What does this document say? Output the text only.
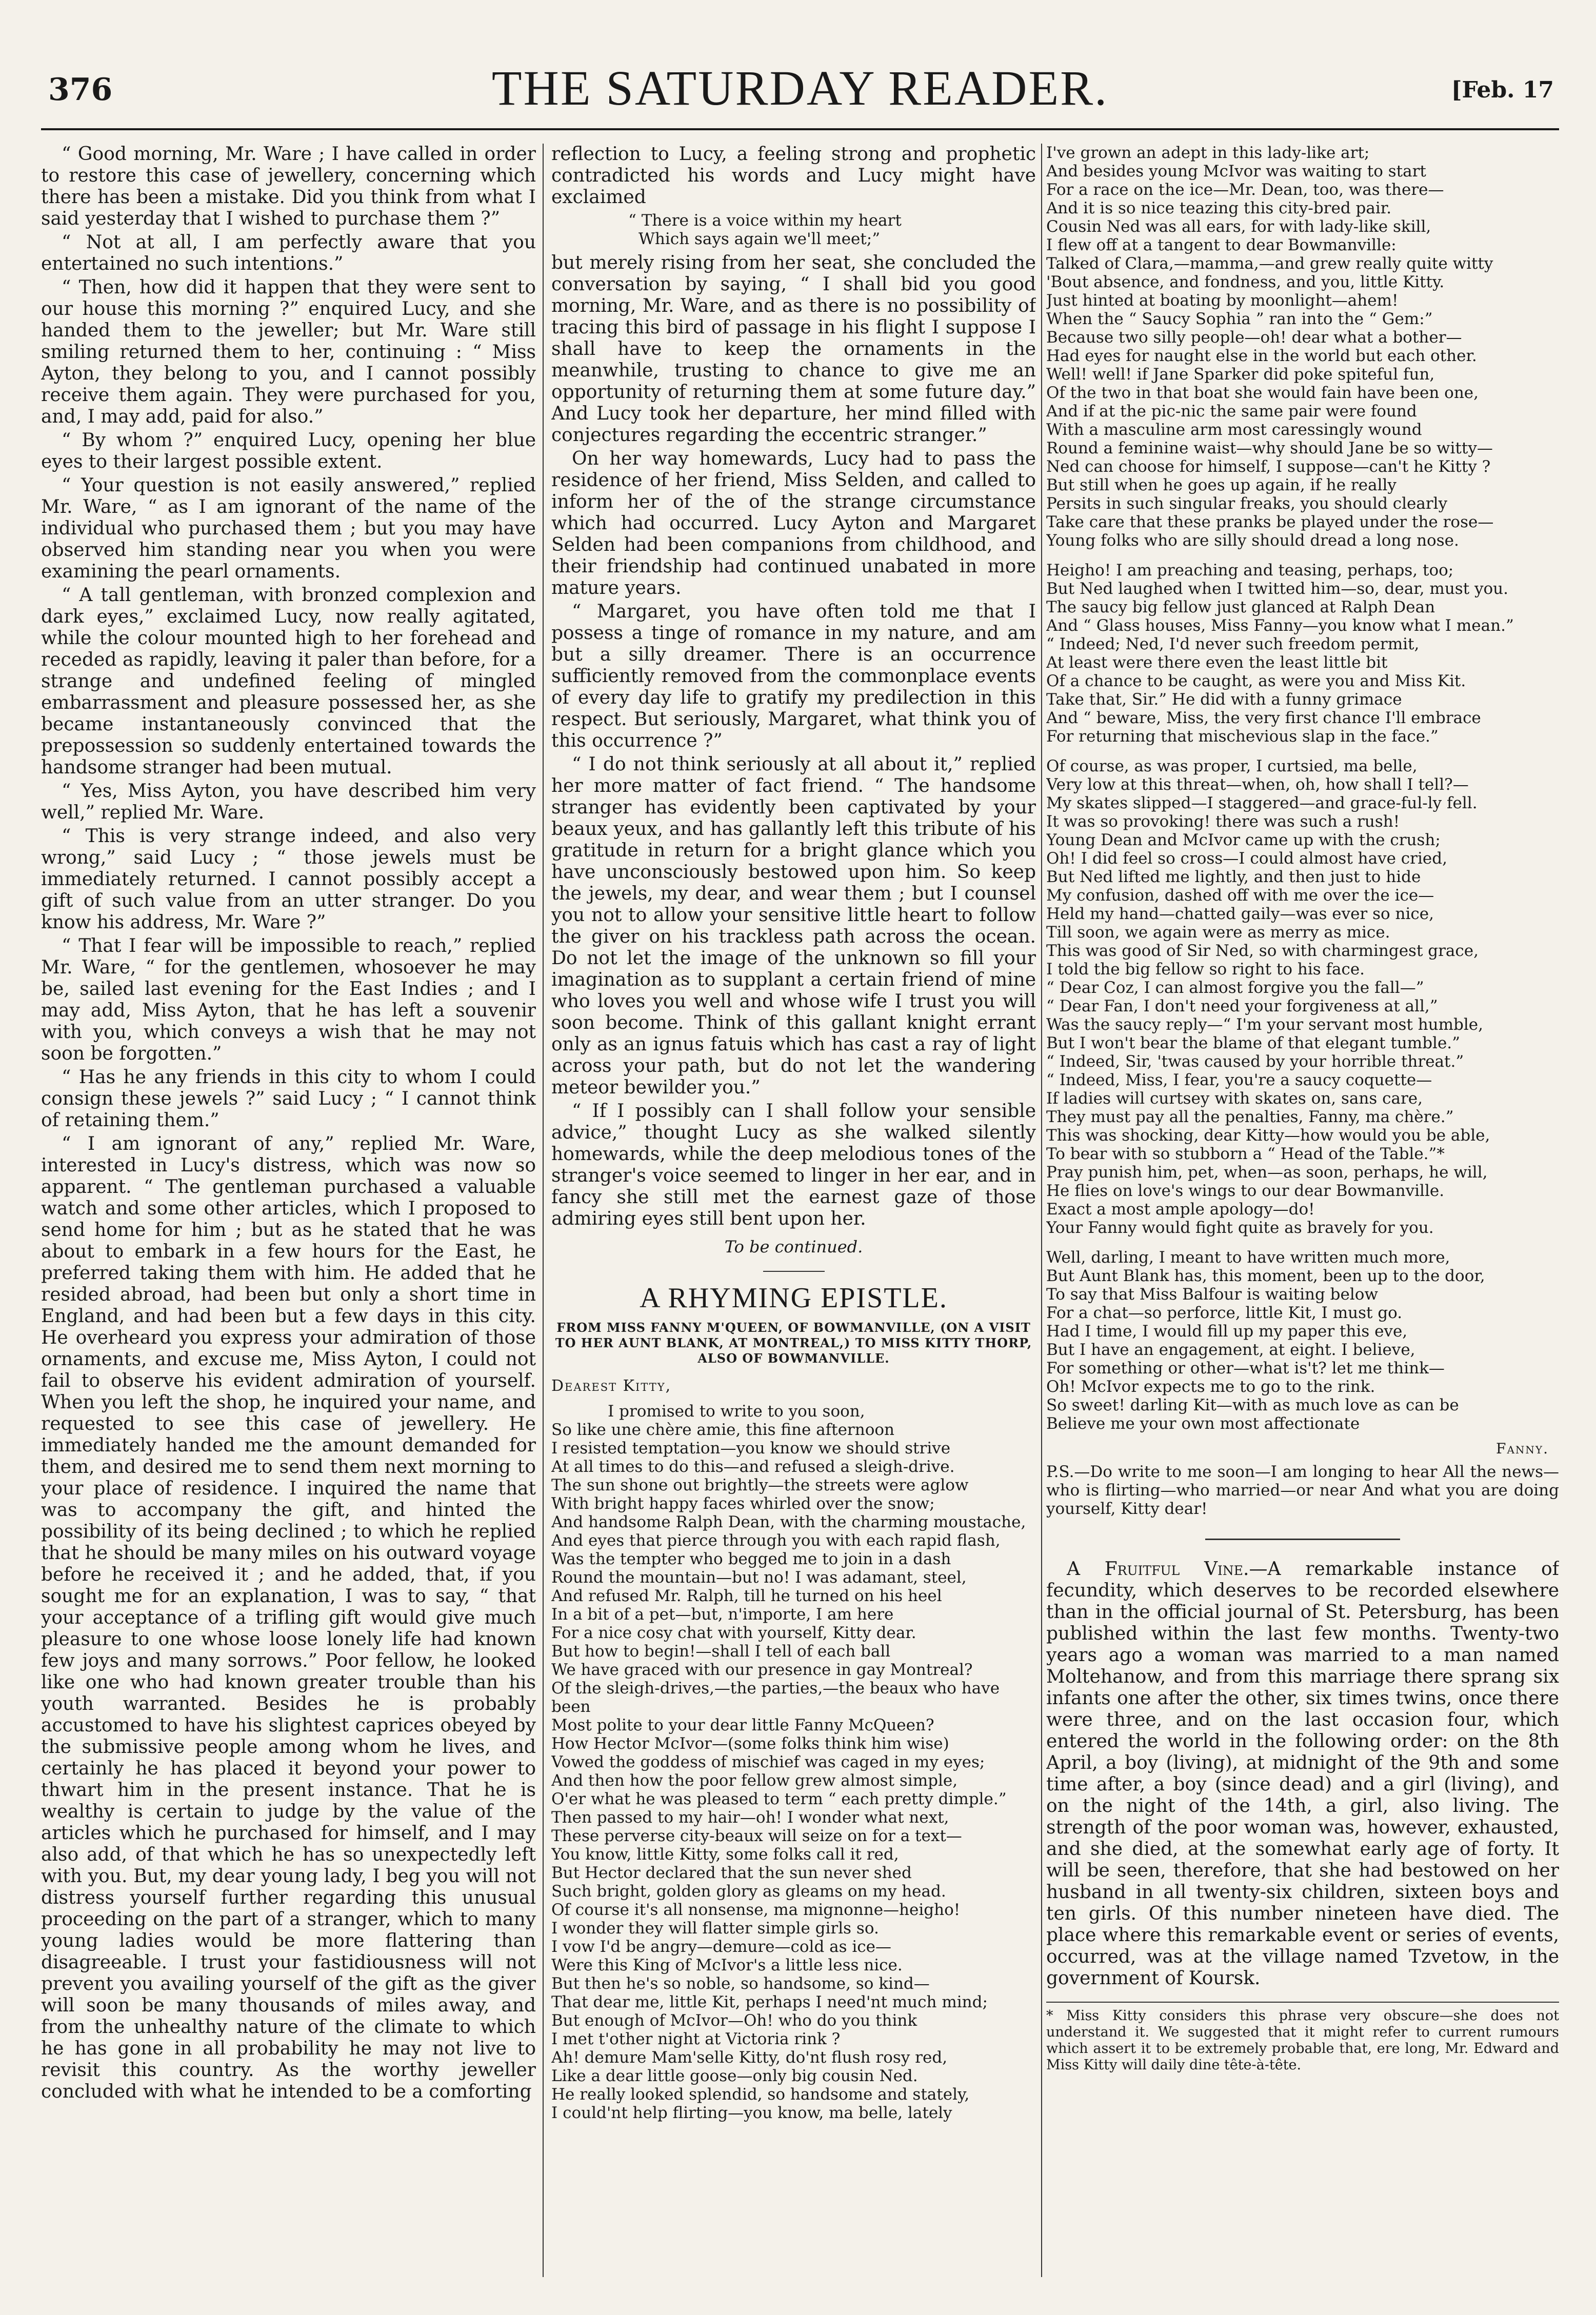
376	THE SATURDAY READER.	[Feb. 17

“ Good morning, Mr. Ware ; I have called in order to restore this case of jewellery, concerning which there has been a mistake. Did you think from what I said yesterday that I wished to purchase them ?”

“ Not at all, I am perfectly aware that you entertained no such intentions.”

“ Then, how did it happen that they were sent to our house this morning ?” enquired Lucy, and she handed them to the jeweller; but Mr. Ware still smiling returned them to her, continuing : “ Miss Ayton, they belong to you, and I cannot possibly receive them again. They were purchased for you, and, I may add, paid for also.”

“ By whom ?” enquired Lucy, opening her blue eyes to their largest possible extent.

“ Your question is not easily answered,” replied Mr. Ware, “ as I am ignorant of the name of the individual who purchased them ; but you may have observed him standing near you when you were examining the pearl ornaments.

“ A tall gentleman, with bronzed complexion and dark eyes,” exclaimed Lucy, now really agitated, while the colour mounted high to her forehead and receded as rapidly, leaving it paler than before, for a strange and undefined feeling of mingled embarrassment and pleasure possessed her, as she became instantaneously convinced that the prepossession so suddenly entertained towards the handsome stranger had been mutual.

“ Yes, Miss Ayton, you have described him very well,” replied Mr. Ware.

“ This is very strange indeed, and also very wrong,” said Lucy ; “ those jewels must be immediately returned. I cannot possibly accept a gift of such value from an utter stranger. Do you know his address, Mr. Ware ?”

“ That I fear will be impossible to reach,” replied Mr. Ware, “ for the gentlemen, whosoever he may be, sailed last evening for the East Indies ; and I may add, Miss Ayton, that he has left a souvenir with you, which conveys a wish that he may not soon be forgotten.”

“ Has he any friends in this city to whom I could consign these jewels ?” said Lucy ; “ I cannot think of retaining them.”

“ I am ignorant of any,” replied Mr. Ware, interested in Lucy's distress, which was now so apparent. “ The gentleman purchased a valuable watch and some other articles, which I proposed to send home for him ; but as he stated that he was about to embark in a few hours for the East, he preferred taking them with him. He added that he resided abroad, had been but only a short time in England, and had been but a few days in this city. He overheard you express your admiration of those ornaments, and excuse me, Miss Ayton, I could not fail to observe his evident admiration of yourself. When you left the shop, he inquired your name, and requested to see this case of jewellery. He immediately handed me the amount demanded for them, and desired me to send them next morning to your place of residence. I inquired the name that was to accompany the gift, and hinted the possibility of its being declined ; to which he replied that he should be many miles on his outward voyage before he received it ; and he added, that, if you sought me for an explanation, I was to say, “ that your acceptance of a trifling gift would give much pleasure to one whose loose lonely life had known few joys and many sorrows.” Poor fellow, he looked like one who had known greater trouble than his youth warranted. Besides he is probably accustomed to have his slightest caprices obeyed by the submissive people among whom he lives, and certainly he has placed it beyond your power to thwart him in the present instance. That he is wealthy is certain to judge by the value of the articles which he purchased for himself, and I may also add, of that which he has so unexpectedly left with you. But, my dear young lady, I beg you will not distress yourself further regarding this unusual proceeding on the part of a stranger, which to many young ladies would be more flattering than disagreeable. I trust your fastidiousness will not prevent you availing yourself of the gift as the giver will soon be many thousands of miles away, and from the unhealthy nature of the climate to which he has gone in all probability he may not live to revisit this country. As the worthy jeweller concluded with what he intended to be a comforting

reflection to Lucy, a feeling strong and prophetic contradicted his words and Lucy might have exclaimed

“ There is a voice within my heart
Which says again we'll meet;”

but merely rising from her seat, she concluded the conversation by saying, “ I shall bid you good morning, Mr. Ware, and as there is no possibility of tracing this bird of passage in his flight I suppose I shall have to keep the ornaments in the meanwhile, trusting to chance to give me an opportunity of returning them at some future day.” And Lucy took her departure, her mind filled with conjectures regarding the eccentric stranger.”

On her way homewards, Lucy had to pass the residence of her friend, Miss Selden, and called to inform her of the of the strange circumstance which had occurred. Lucy Ayton and Margaret Selden had been companions from childhood, and their friendship had continued unabated in more mature years.

“ Margaret, you have often told me that I possess a tinge of romance in my nature, and am but a silly dreamer. There is an occurrence sufficiently removed from the commonplace events of every day life to gratify my predilection in this respect. But seriously, Margaret, what think you of this occurrence ?”

“ I do not think seriously at all about it,” replied her more matter of fact friend. “ The handsome stranger has evidently been captivated by your beaux yeux, and has gallantly left this tribute of his gratitude in return for a bright glance which you have unconsciously bestowed upon him. So keep the jewels, my dear, and wear them ; but I counsel you not to allow your sensitive little heart to follow the giver on his trackless path across the ocean. Do not let the image of the unknown so fill your imagination as to supplant a certain friend of mine who loves you well and whose wife I trust you will soon become. Think of this gallant knight errant only as an ignus fatuis which has cast a ray of light across your path, but do not let the wandering meteor bewilder you.”

“ If I possibly can I shall follow your sensible advice,” thought Lucy as she walked silently homewards, while the deep melodious tones of the stranger's voice seemed to linger in her ear, and in fancy she still met the earnest gaze of those admiring eyes still bent upon her.

To be continued.
A RHYMING EPISTLE.
FROM MISS FANNY M'QUEEN, OF BOWMANVILLE, (ON A VISIT TO HER AUNT BLANK, AT MONTREAL,) TO MISS KITTY THORP, ALSO OF BOWMANVILLE.
Dearest Kitty,
I promised to write to you soon,
So like une chère amie, this fine afternoon
I resisted temptation—you know we should strive
At all times to do this—and refused a sleigh-drive.
The sun shone out brightly—the streets were aglow
With bright happy faces whirled over the snow;
And handsome Ralph Dean, with the charming moustache,
And eyes that pierce through you with each rapid flash,
Was the tempter who begged me to join in a dash
Round the mountain—but no! I was adamant, steel,
And refused Mr. Ralph, till he turned on his heel
In a bit of a pet—but, n'importe, I am here
For a nice cosy chat with yourself, Kitty dear.
But how to begin!—shall I tell of each ball
We have graced with our presence in gay Montreal?
Of the sleigh-drives,—the parties,—the beaux who have been
Most polite to your dear little Fanny McQueen?
How Hector McIvor—(some folks think him wise)
Vowed the goddess of mischief was caged in my eyes;
And then how the poor fellow grew almost simple,
O'er what he was pleased to term “ each pretty dimple.”
Then passed to my hair—oh! I wonder what next,
These perverse city-beaux will seize on for a text—
You know, little Kitty, some folks call it red,
But Hector declared that the sun never shed
Such bright, golden glory as gleams on my head.
Of course it's all nonsense, ma mignonne—heigho!
I wonder they will flatter simple girls so.
I vow I'd be angry—demure—cold as ice—
Were this King of McIvor's a little less nice.
But then he's so noble, so handsome, so kind—
That dear me, little Kit, perhaps I need'nt much mind;
But enough of McIvor—Oh! who do you think
I met t'other night at Victoria rink ?
Ah! demure Mam'selle Kitty, do'nt flush rosy red,
Like a dear little goose—only big cousin Ned.
He really looked splendid, so handsome and stately,
I could'nt help flirting—you know, ma belle, lately
I've grown an adept in this lady-like art;
And besides young McIvor was waiting to start
For a race on the ice—Mr. Dean, too, was there—
And it is so nice teazing this city-bred pair.
Cousin Ned was all ears, for with lady-like skill,
I flew off at a tangent to dear Bowmanville:
Talked of Clara,—mamma,—and grew really quite witty
'Bout absence, and fondness, and you, little Kitty.
Just hinted at boating by moonlight—ahem!
When the “ Saucy Sophia ” ran into the “ Gem:”
Because two silly people—oh! dear what a bother—
Had eyes for naught else in the world but each other.
Well! well! if Jane Sparker did poke spiteful fun,
Of the two in that boat she would fain have been one,
And if at the pic-nic the same pair were found
With a masculine arm most caressingly wound
Round a feminine waist—why should Jane be so witty—
Ned can choose for himself, I suppose—can't he Kitty ?
But still when he goes up again, if he really
Persits in such singular freaks, you should clearly
Take care that these pranks be played under the rose—
Young folks who are silly should dread a long nose.
Heigho! I am preaching and teasing, perhaps, too;
But Ned laughed when I twitted him—so, dear, must you.
The saucy big fellow just glanced at Ralph Dean
And “ Glass houses, Miss Fanny—you know what I mean.”
“ Indeed; Ned, I'd never such freedom permit,
At least were there even the least little bit
Of a chance to be caught, as were you and Miss Kit.
Take that, Sir.” He did with a funny grimace
And “ beware, Miss, the very first chance I'll embrace
For returning that mischevious slap in the face.”
Of course, as was proper, I curtsied, ma belle,
Very low at this threat—when, oh, how shall I tell?—
My skates slipped—I staggered—and grace-ful-ly fell.
It was so provoking! there was such a rush!
Young Dean and McIvor came up with the crush;
Oh! I did feel so cross—I could almost have cried,
But Ned lifted me lightly, and then just to hide
My confusion, dashed off with me over the ice—
Held my hand—chatted gaily—was ever so nice,
Till soon, we again were as merry as mice.
This was good of Sir Ned, so with charmingest grace,
I told the big fellow so right to his face.
“ Dear Coz, I can almost forgive you the fall—”
“ Dear Fan, I don't need your forgiveness at all,”
Was the saucy reply—“ I'm your servant most humble,
But I won't bear the blame of that elegant tumble.”
“ Indeed, Sir, 'twas caused by your horrible threat.”
“ Indeed, Miss, I fear, you're a saucy coquette—
If ladies will curtsey with skates on, sans care,
They must pay all the penalties, Fanny, ma chère.”
This was shocking, dear Kitty—how would you be able,
To bear with so stubborn a “ Head of the Table.”*
Pray punish him, pet, when—as soon, perhaps, he will,
He flies on love's wings to our dear Bowmanville.
Exact a most ample apology—do!
Your Fanny would fight quite as bravely for you.
Well, darling, I meant to have written much more,
But Aunt Blank has, this moment, been up to the door,
To say that Miss Balfour is waiting below
For a chat—so perforce, little Kit, I must go.
Had I time, I would fill up my paper this eve,
But I have an engagement, at eight. I believe,
For something or other—what is't? let me think—
Oh! McIvor expects me to go to the rink.
So sweet! darling Kit—with as much love as can be
Believe me your own most affectionate
Fanny.
P.S.—Do write to me soon—I am longing to hear All the news—who is flirting—who married—or near And what you are doing yourself, Kitty dear!

A Fruitful Vine.—A remarkable instance of fecundity, which deserves to be recorded elsewhere than in the official journal of St. Petersburg, has been published within the last few months. Twenty-two years ago a woman was married to a man named Moltehanow, and from this marriage there sprang six infants one after the other, six times twins, once there were three, and on the last occasion four, which entered the world in the following order: on the 8th April, a boy (living), at midnight of the 9th and some time after, a boy (since dead) and a girl (living), and on the night of the 14th, a girl, also living. The strength of the poor woman was, however, exhausted, and she died, at the somewhat early age of forty. It will be seen, therefore, that she had bestowed on her husband in all twenty-six children, sixteen boys and ten girls. Of this number nineteen have died. The place where this remarkable event or series of events, occurred, was at the village named Tzvetow, in the government of Koursk.

* Miss Kitty considers this phrase very obscure—she does not understand it. We suggested that it might refer to current rumours which assert it to be extremely probable that, ere long, Mr. Edward and Miss Kitty will daily dine tête-à-tête.
